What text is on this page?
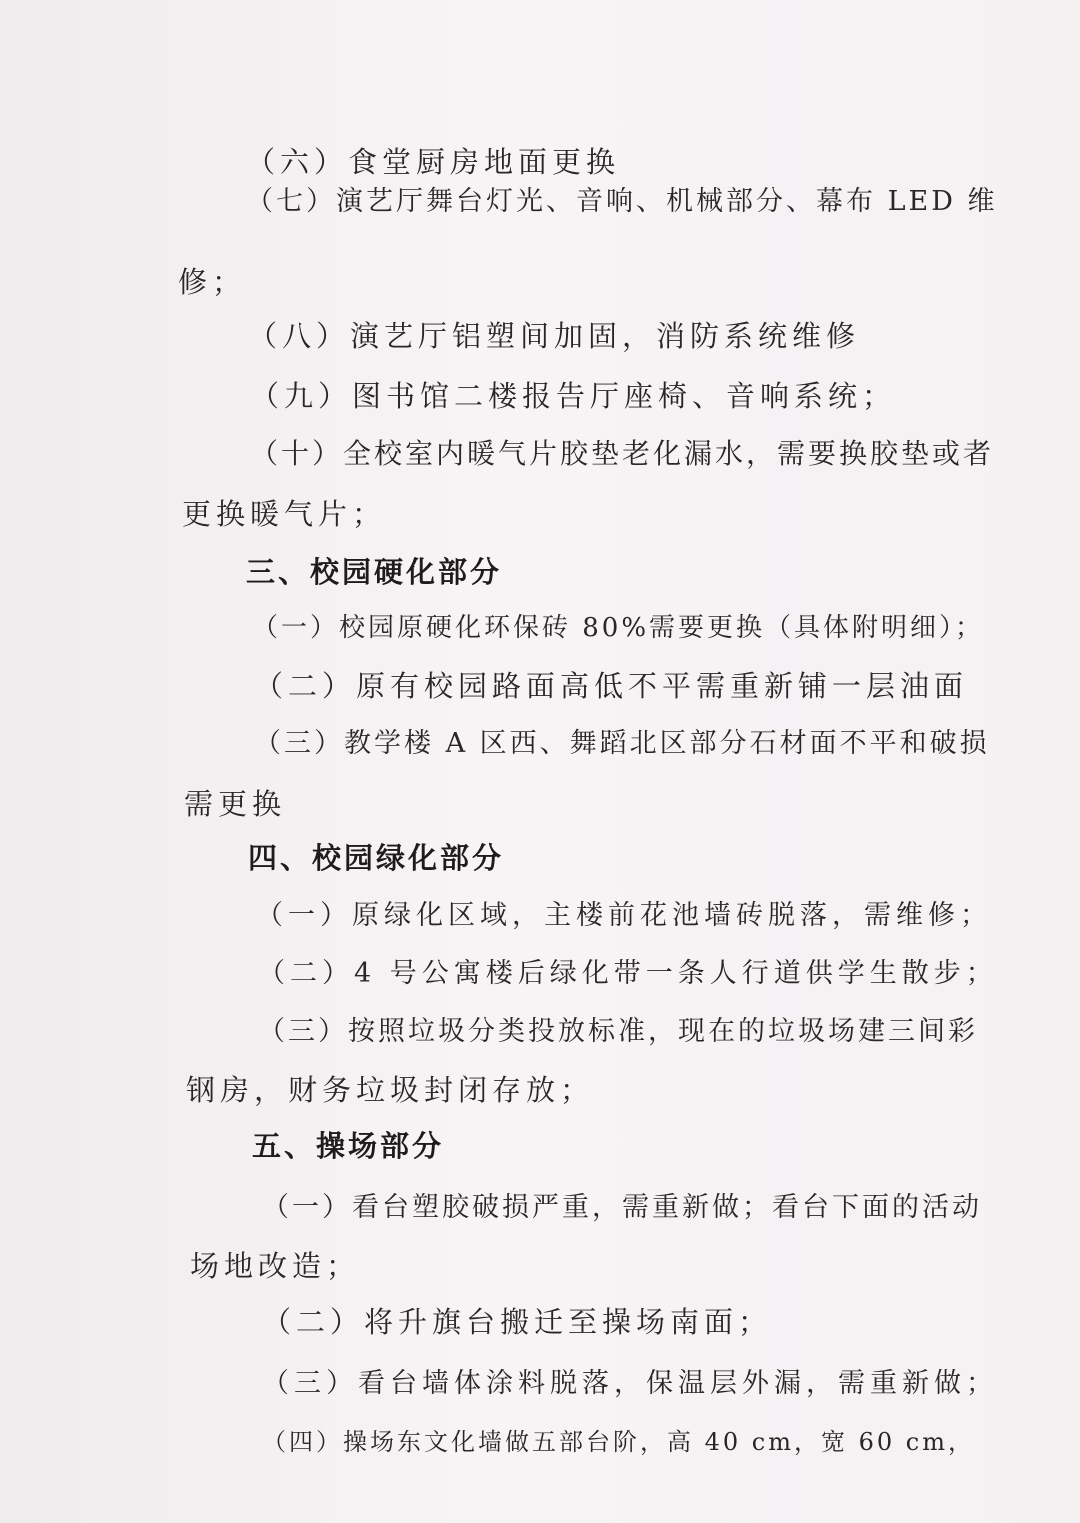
（六）食堂厨房地面更换

（七）演艺厅舞台灯光、音响、机械部分、幕布 LED 维

修；

（八）演艺厅铝塑间加固，消防系统维修

（九）图书馆二楼报告厅座椅、音响系统；

（十）全校室内暖气片胶垫老化漏水，需要换胶垫或者

更换暖气片；

三、校园硬化部分

（一）校园原硬化环保砖 80%需要更换（具体附明细）；

（二）原有校园路面高低不平需重新铺一层油面

（三）教学楼 A 区西、舞蹈北区部分石材面不平和破损

需更换

四、校园绿化部分

（一）原绿化区域，主楼前花池墙砖脱落，需维修；

（二）4 号公寓楼后绿化带一条人行道供学生散步；

（三）按照垃圾分类投放标准，现在的垃圾场建三间彩

钢房，财务垃圾封闭存放；

五、操场部分

（一）看台塑胶破损严重，需重新做；看台下面的活动

场地改造；

（二）将升旗台搬迁至操场南面；

（三）看台墙体涂料脱落，保温层外漏，需重新做；

（四）操场东文化墙做五部台阶，高 40 cm，宽 60 cm，
